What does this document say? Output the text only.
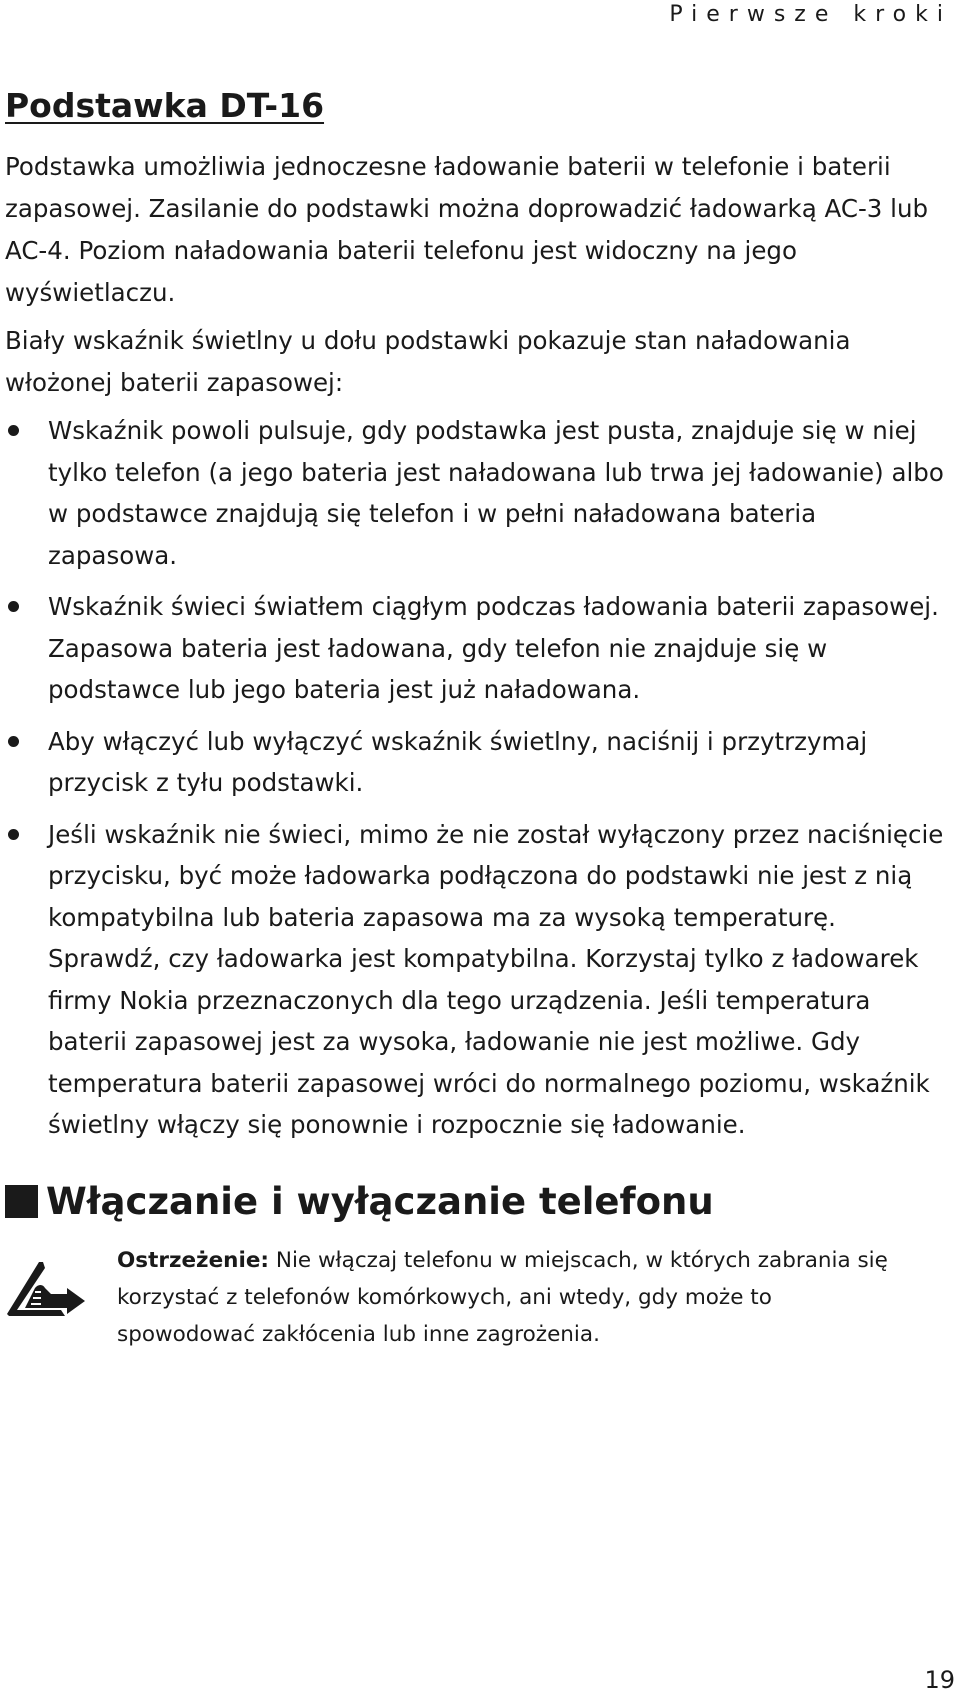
Pierwsze kroki
Podstawka DT-16

Podstawka umożliwia jednoczesne ładowanie baterii w telefonie i baterii zapasowej. Zasilanie do podstawki można doprowadzić ładowarką AC-3 lub AC-4. Poziom naładowania baterii telefonu jest widoczny na jego wyświetlaczu.

Biały wskaźnik świetlny u dołu podstawki pokazuje stan naładowania włożonej baterii zapasowej:

Wskaźnik powoli pulsuje, gdy podstawka jest pusta, znajduje się w niej tylko telefon (a jego bateria jest naładowana lub trwa jej ładowanie) albo w podstawce znajdują się telefon i w pełni naładowana bateria zapasowa.
Wskaźnik świeci światłem ciągłym podczas ładowania baterii zapasowej. Zapasowa bateria jest ładowana, gdy telefon nie znajduje się w podstawce lub jego bateria jest już naładowana.
Aby włączyć lub wyłączyć wskaźnik świetlny, naciśnij i przytrzymaj przycisk z tyłu podstawki.
Jeśli wskaźnik nie świeci, mimo że nie został wyłączony przez naciśnięcie przycisku, być może ładowarka podłączona do podstawki nie jest z nią kompatybilna lub bateria zapasowa ma za wysoką temperaturę. Sprawdź, czy ładowarka jest kompatybilna. Korzystaj tylko z ładowarek firmy Nokia przeznaczonych dla tego urządzenia. Jeśli temperatura baterii zapasowej jest za wysoka, ładowanie nie jest możliwe. Gdy temperatura baterii zapasowej wróci do normalnego poziomu, wskaźnik świetlny włączy się ponownie i rozpocznie się ładowanie.
Włączanie i wyłączanie telefonu
Ostrzeżenie: Nie włączaj telefonu w miejscach, w których zabrania się korzystać z telefonów komórkowych, ani wtedy, gdy może to spowodować zakłócenia lub inne zagrożenia.
19
